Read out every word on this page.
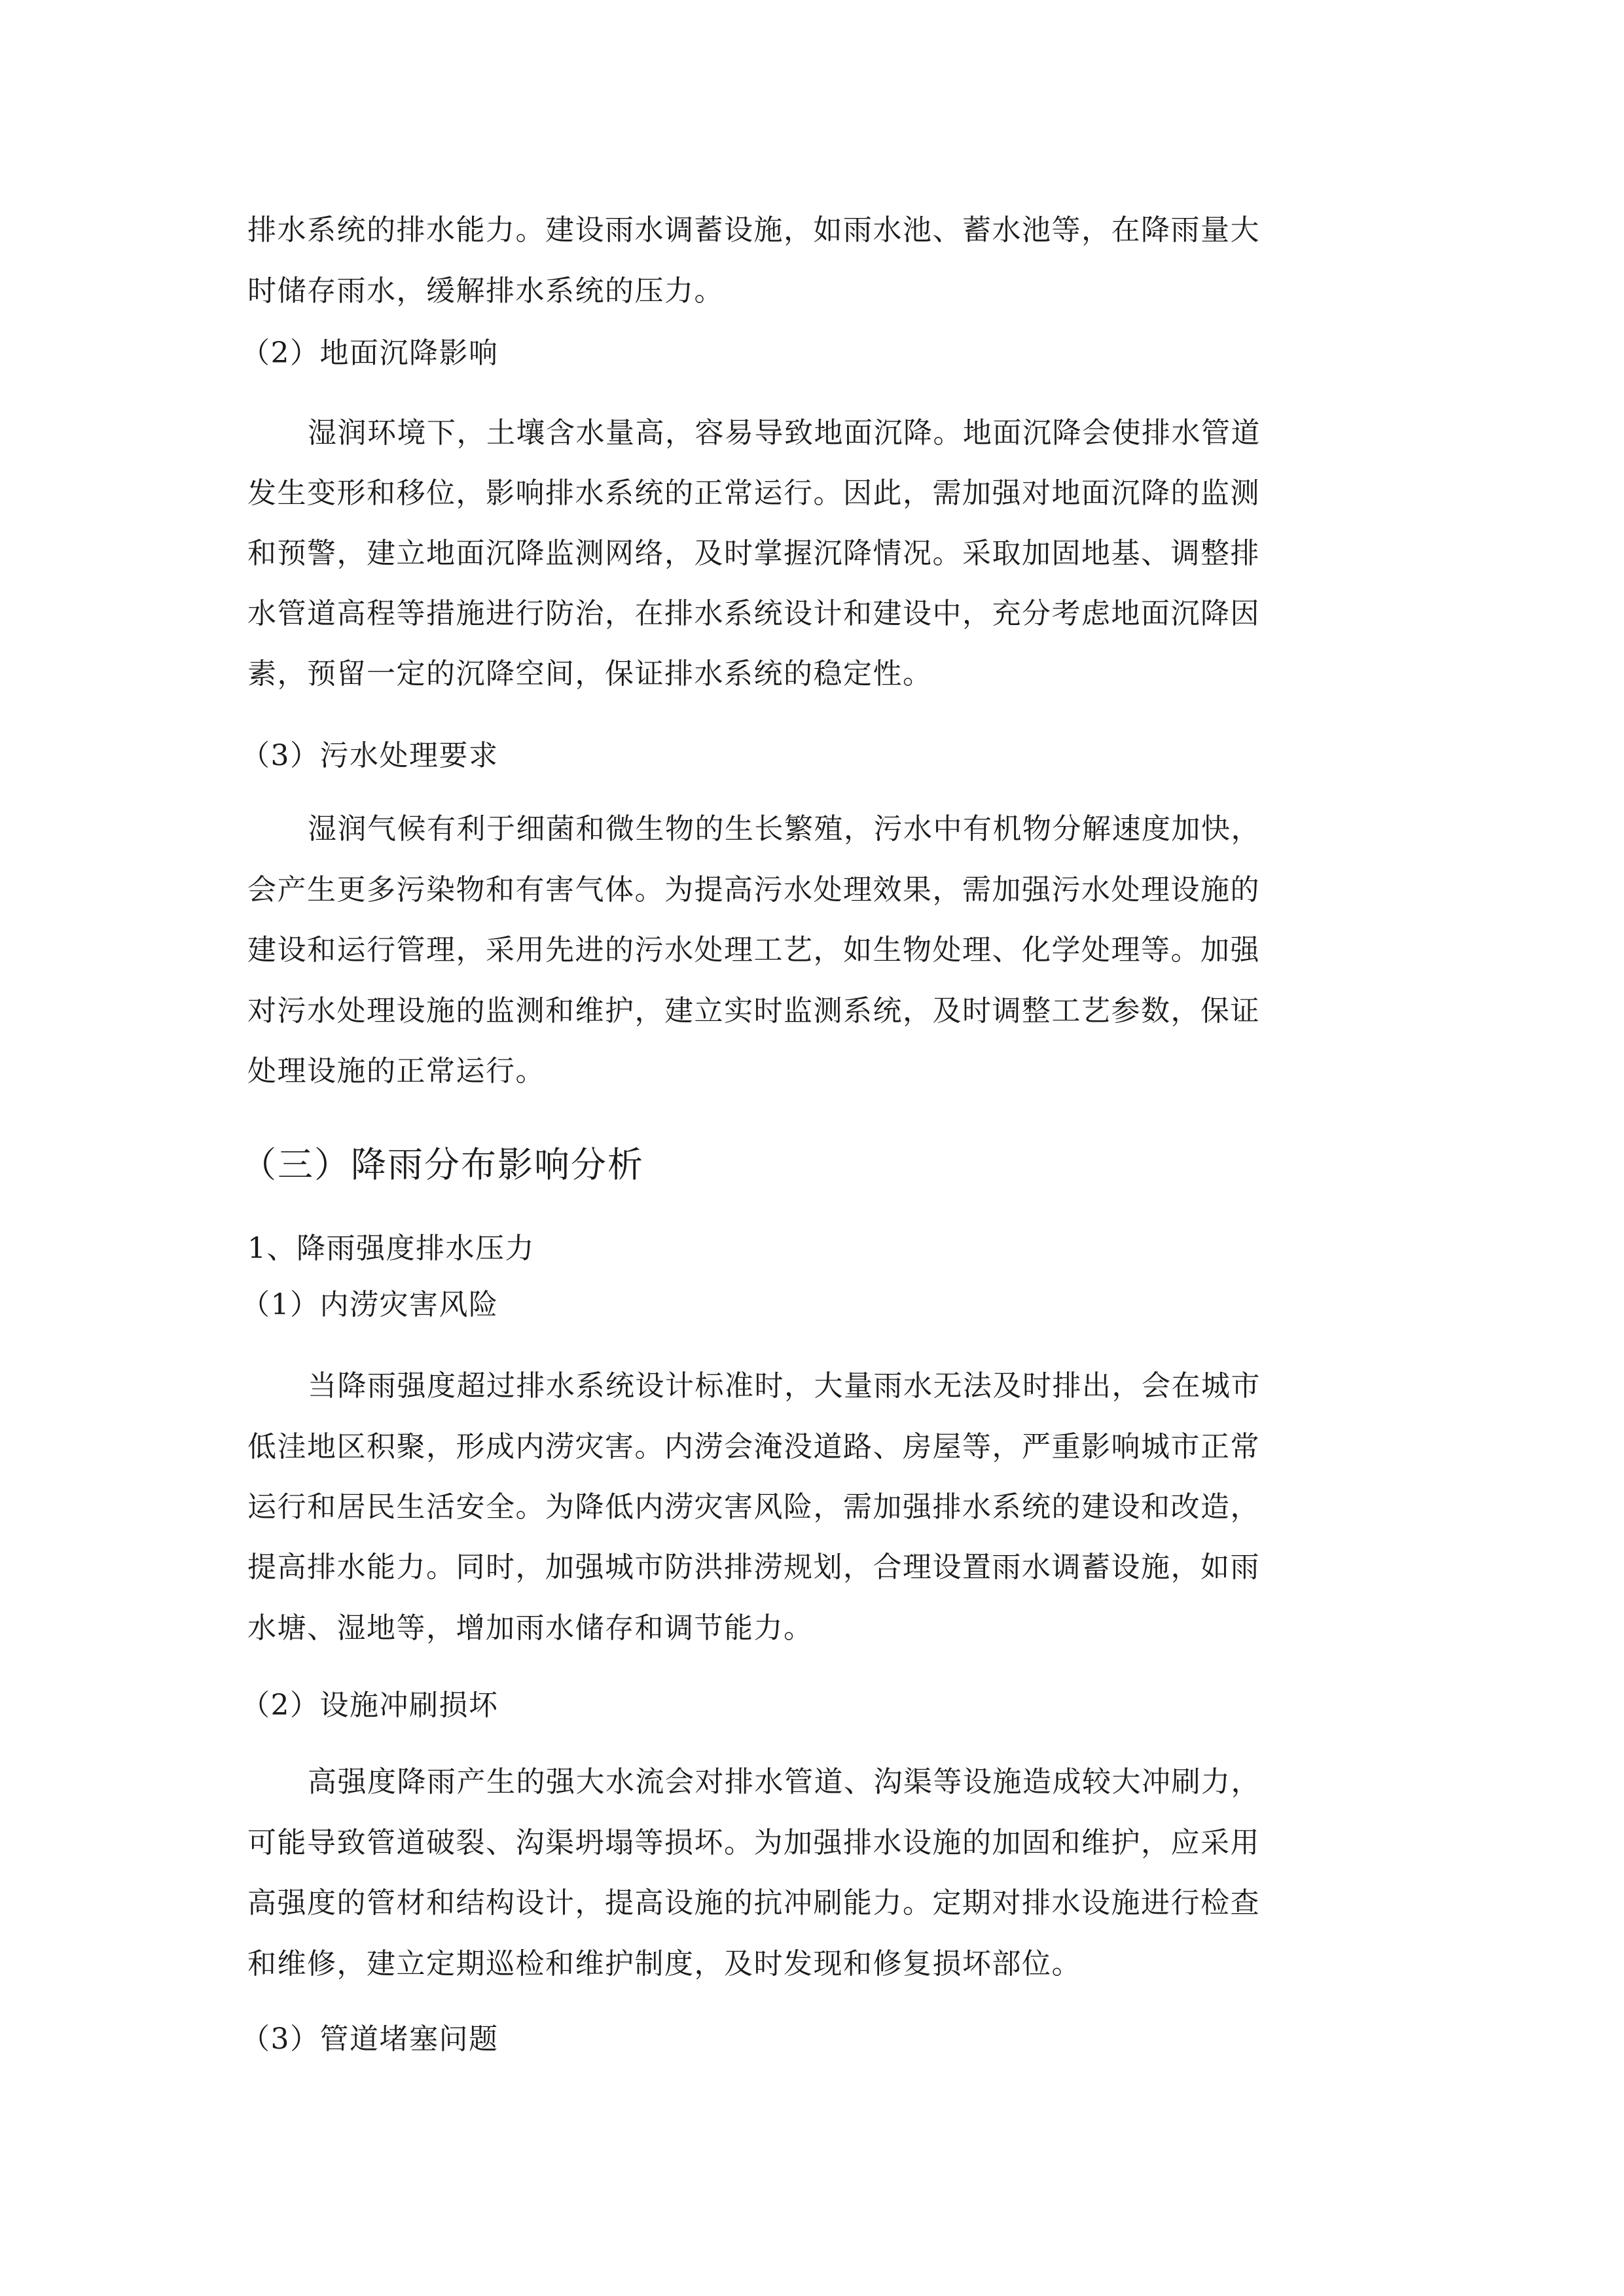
排水系统的排水能力。建设雨水调蓄设施，如雨水池、蓄水池等，在降雨量大

时储存雨水，缓解排水系统的压力。

（2）地面沉降影响

湿润环境下，土壤含水量高，容易导致地面沉降。地面沉降会使排水管道

发生变形和移位，影响排水系统的正常运行。因此，需加强对地面沉降的监测

和预警，建立地面沉降监测网络，及时掌握沉降情况。采取加固地基、调整排

水管道高程等措施进行防治，在排水系统设计和建设中，充分考虑地面沉降因

素，预留一定的沉降空间，保证排水系统的稳定性。

（3）污水处理要求

湿润气候有利于细菌和微生物的生长繁殖，污水中有机物分解速度加快，

会产生更多污染物和有害气体。为提高污水处理效果，需加强污水处理设施的

建设和运行管理，采用先进的污水处理工艺，如生物处理、化学处理等。加强

对污水处理设施的监测和维护，建立实时监测系统，及时调整工艺参数，保证

处理设施的正常运行。

（三）降雨分布影响分析

1、降雨强度排水压力

（1）内涝灾害风险

当降雨强度超过排水系统设计标准时，大量雨水无法及时排出，会在城市

低洼地区积聚，形成内涝灾害。内涝会淹没道路、房屋等，严重影响城市正常

运行和居民生活安全。为降低内涝灾害风险，需加强排水系统的建设和改造，

提高排水能力。同时，加强城市防洪排涝规划，合理设置雨水调蓄设施，如雨

水塘、湿地等，增加雨水储存和调节能力。

（2）设施冲刷损坏

高强度降雨产生的强大水流会对排水管道、沟渠等设施造成较大冲刷力，

可能导致管道破裂、沟渠坍塌等损坏。为加强排水设施的加固和维护，应采用

高强度的管材和结构设计，提高设施的抗冲刷能力。定期对排水设施进行检查

和维修，建立定期巡检和维护制度，及时发现和修复损坏部位。

（3）管道堵塞问题
